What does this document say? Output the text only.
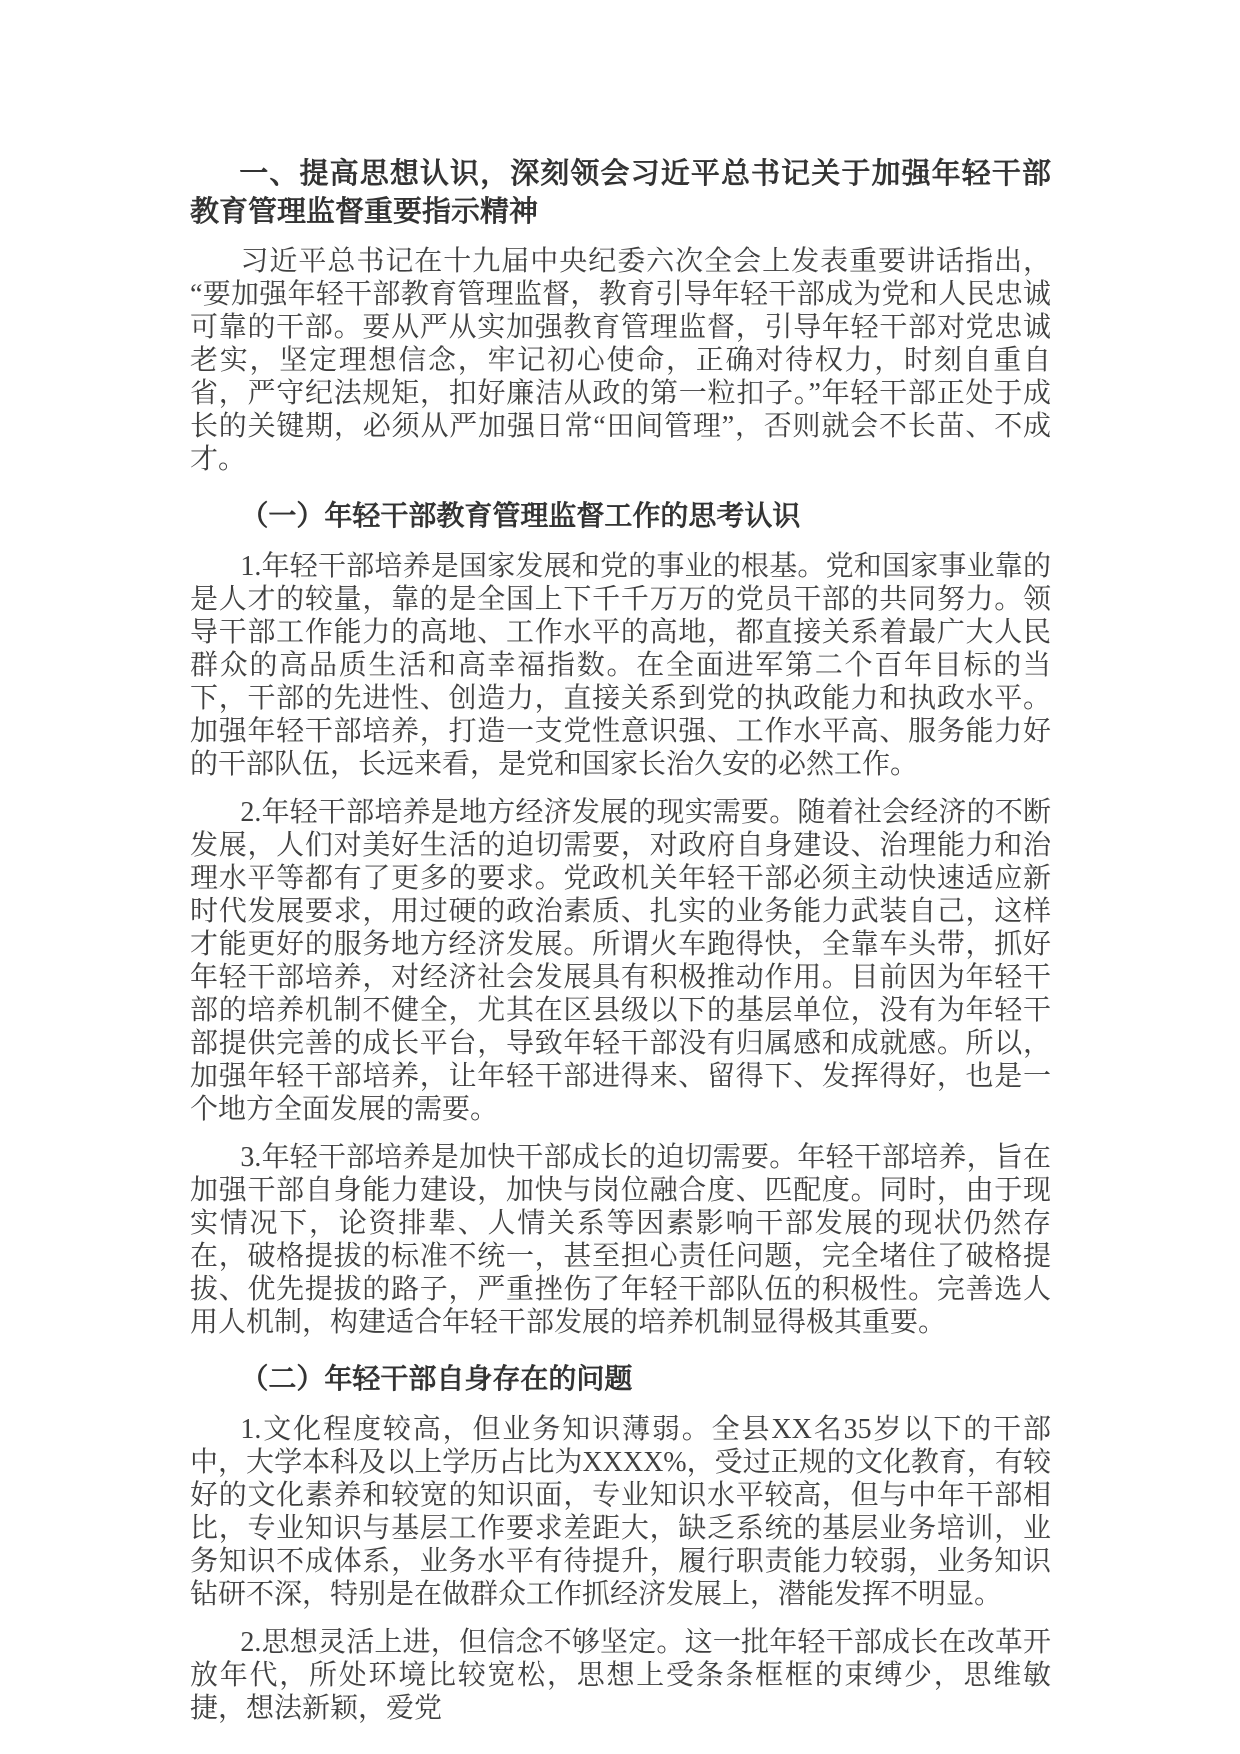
一、提高思想认识，深刻领会习近平总书记关于加强年轻干部教育管理监督重要指示精神

习近平总书记在十九届中央纪委六次全会上发表重要讲话指出，“要加强年轻干部教育管理监督，教育引导年轻干部成为党和人民忠诚可靠的干部。要从严从实加强教育管理监督，引导年轻干部对党忠诚老实，坚定理想信念，牢记初心使命，正确对待权力，时刻自重自省，严守纪法规矩，扣好廉洁从政的第一粒扣子。”年轻干部正处于成长的关键期，必须从严加强日常“田间管理”，否则就会不长苗、不成才。

（一）年轻干部教育管理监督工作的思考认识

1.年轻干部培养是国家发展和党的事业的根基。党和国家事业靠的是人才的较量，靠的是全国上下千千万万的党员干部的共同努力。领导干部工作能力的高地、工作水平的高地，都直接关系着最广大人民群众的高品质生活和高幸福指数。在全面进军第二个百年目标的当下，干部的先进性、创造力，直接关系到党的执政能力和执政水平。加强年轻干部培养，打造一支党性意识强、工作水平高、服务能力好的干部队伍，长远来看，是党和国家长治久安的必然工作。

2.年轻干部培养是地方经济发展的现实需要。随着社会经济的不断发展，人们对美好生活的迫切需要，对政府自身建设、治理能力和治理水平等都有了更多的要求。党政机关年轻干部必须主动快速适应新时代发展要求，用过硬的政治素质、扎实的业务能力武装自己，这样才能更好的服务地方经济发展。所谓火车跑得快，全靠车头带，抓好年轻干部培养，对经济社会发展具有积极推动作用。目前因为年轻干部的培养机制不健全，尤其在区县级以下的基层单位，没有为年轻干部提供完善的成长平台，导致年轻干部没有归属感和成就感。所以，加强年轻干部培养，让年轻干部进得来、留得下、发挥得好，也是一个地方全面发展的需要。

3.年轻干部培养是加快干部成长的迫切需要。年轻干部培养，旨在加强干部自身能力建设，加快与岗位融合度、匹配度。同时，由于现实情况下，论资排辈、人情关系等因素影响干部发展的现状仍然存在，破格提拔的标准不统一，甚至担心责任问题，完全堵住了破格提拔、优先提拔的路子，严重挫伤了年轻干部队伍的积极性。完善选人用人机制，构建适合年轻干部发展的培养机制显得极其重要。

（二）年轻干部自身存在的问题

1.文化程度较高，但业务知识薄弱。全县XX名35岁以下的干部中，大学本科及以上学历占比为XXXX%，受过正规的文化教育，有较好的文化素养和较宽的知识面，专业知识水平较高，但与中年干部相比，专业知识与基层工作要求差距大，缺乏系统的基层业务培训，业务知识不成体系，业务水平有待提升，履行职责能力较弱，业务知识钻研不深，特别是在做群众工作抓经济发展上，潜能发挥不明显。

2.思想灵活上进，但信念不够坚定。这一批年轻干部成长在改革开放年代，所处环境比较宽松，思想上受条条框框的束缚少，思维敏捷，想法新颖，爱党
